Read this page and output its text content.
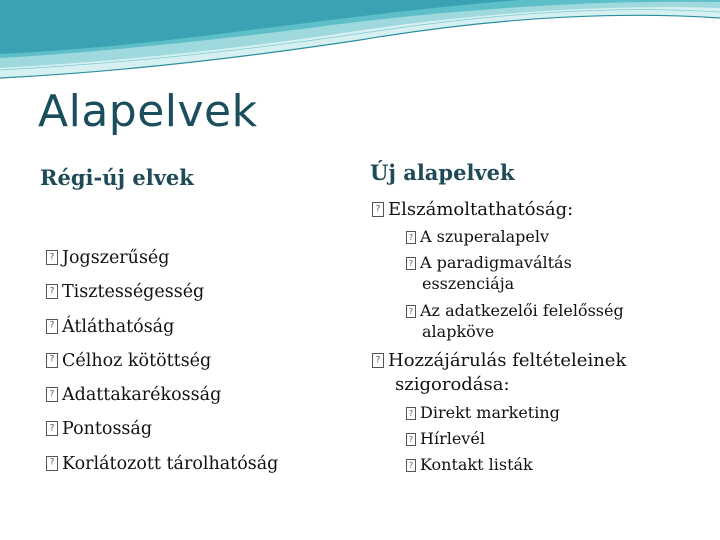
Alapelvek
Régi-új elvek	Új alapelvek
?Jogszerűség
?Tisztességesség
?Átláthatóság
?Célhoz kötöttség
?Adattakarékosság
?Pontosság
?Korlátozott tárolhatóság
?Elszámoltathatóság:
?A szuperalapelv
?A paradigmaváltás
esszenciája
?Az adatkezelői felelősség
alapköve
?Hozzájárulás feltételeinek
szigorodása:
?Direkt marketing
?Hírlevél
?Kontakt listák
